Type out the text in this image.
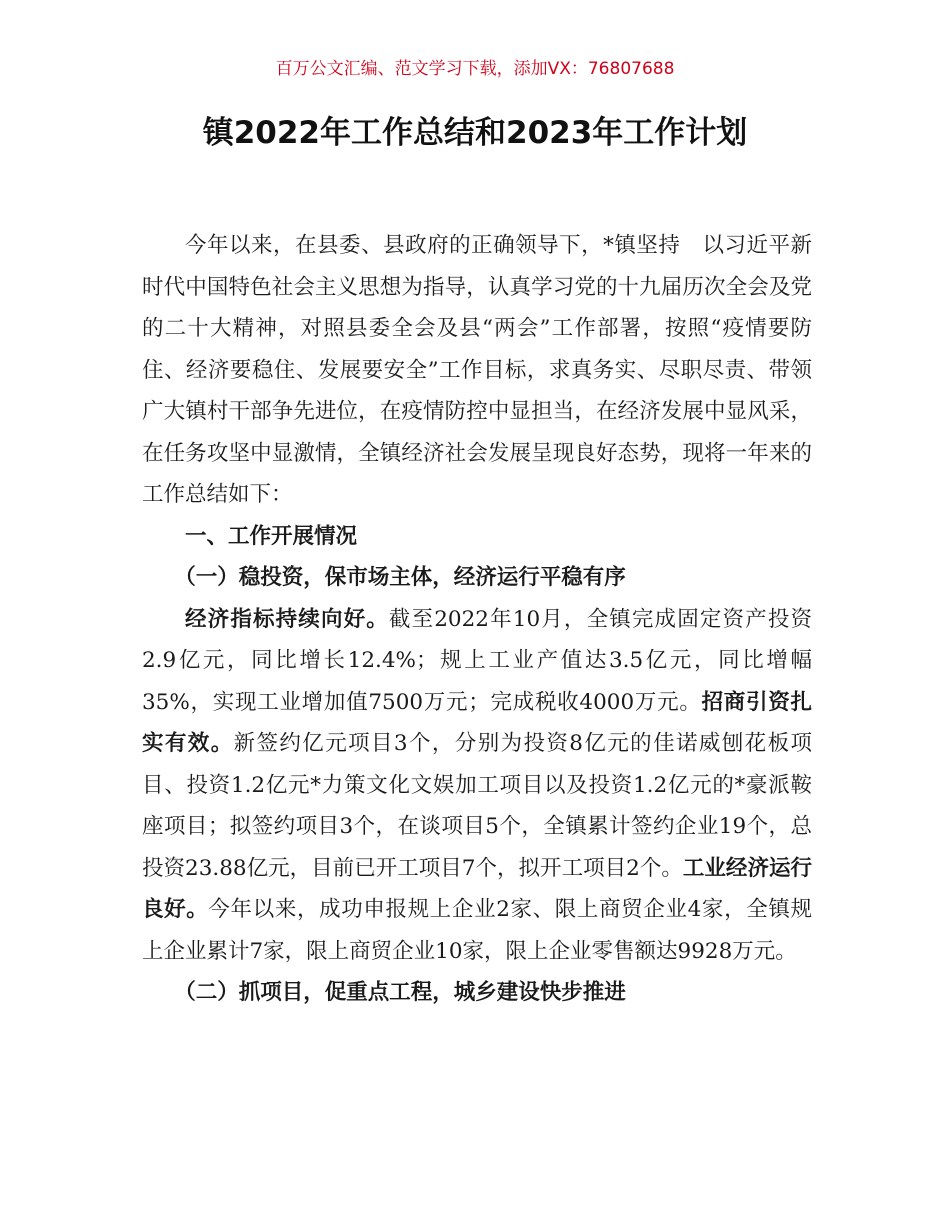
百万公文汇编、范文学习下载，添加VX：76807688
镇2022年工作总结和2023年工作计划

今年以来，在县委、县政府的正确领导下，*镇坚持　以习近平新时代中国特色社会主义思想为指导，认真学习党的十九届历次全会及党的二十大精神，对照县委全会及县“两会”工作部署，按照“疫情要防住、经济要稳住、发展要安全”工作目标，求真务实、尽职尽责、带领广大镇村干部争先进位，在疫情防控中显担当，在经济发展中显风采，在任务攻坚中显激情，全镇经济社会发展呈现良好态势，现将一年来的工作总结如下：

一、工作开展情况

（一）稳投资，保市场主体，经济运行平稳有序

经济指标持续向好。截至2022年10月，全镇完成固定资产投资2.9亿元，同比增长12.4%；规上工业产值达3.5亿元，同比增幅35%，实现工业增加值7500万元；完成税收4000万元。招商引资扎实有效。新签约亿元项目3个，分别为投资8亿元的佳诺威刨花板项目、投资1.2亿元*力策文化文娱加工项目以及投资1.2亿元的*豪派鞍座项目；拟签约项目3个，在谈项目5个，全镇累计签约企业19个，总投资23.88亿元，目前已开工项目7个，拟开工项目2个。工业经济运行良好。今年以来，成功申报规上企业2家、限上商贸企业4家，全镇规上企业累计7家，限上商贸企业10家，限上企业零售额达9928万元。

（二）抓项目，促重点工程，城乡建设快步推进
